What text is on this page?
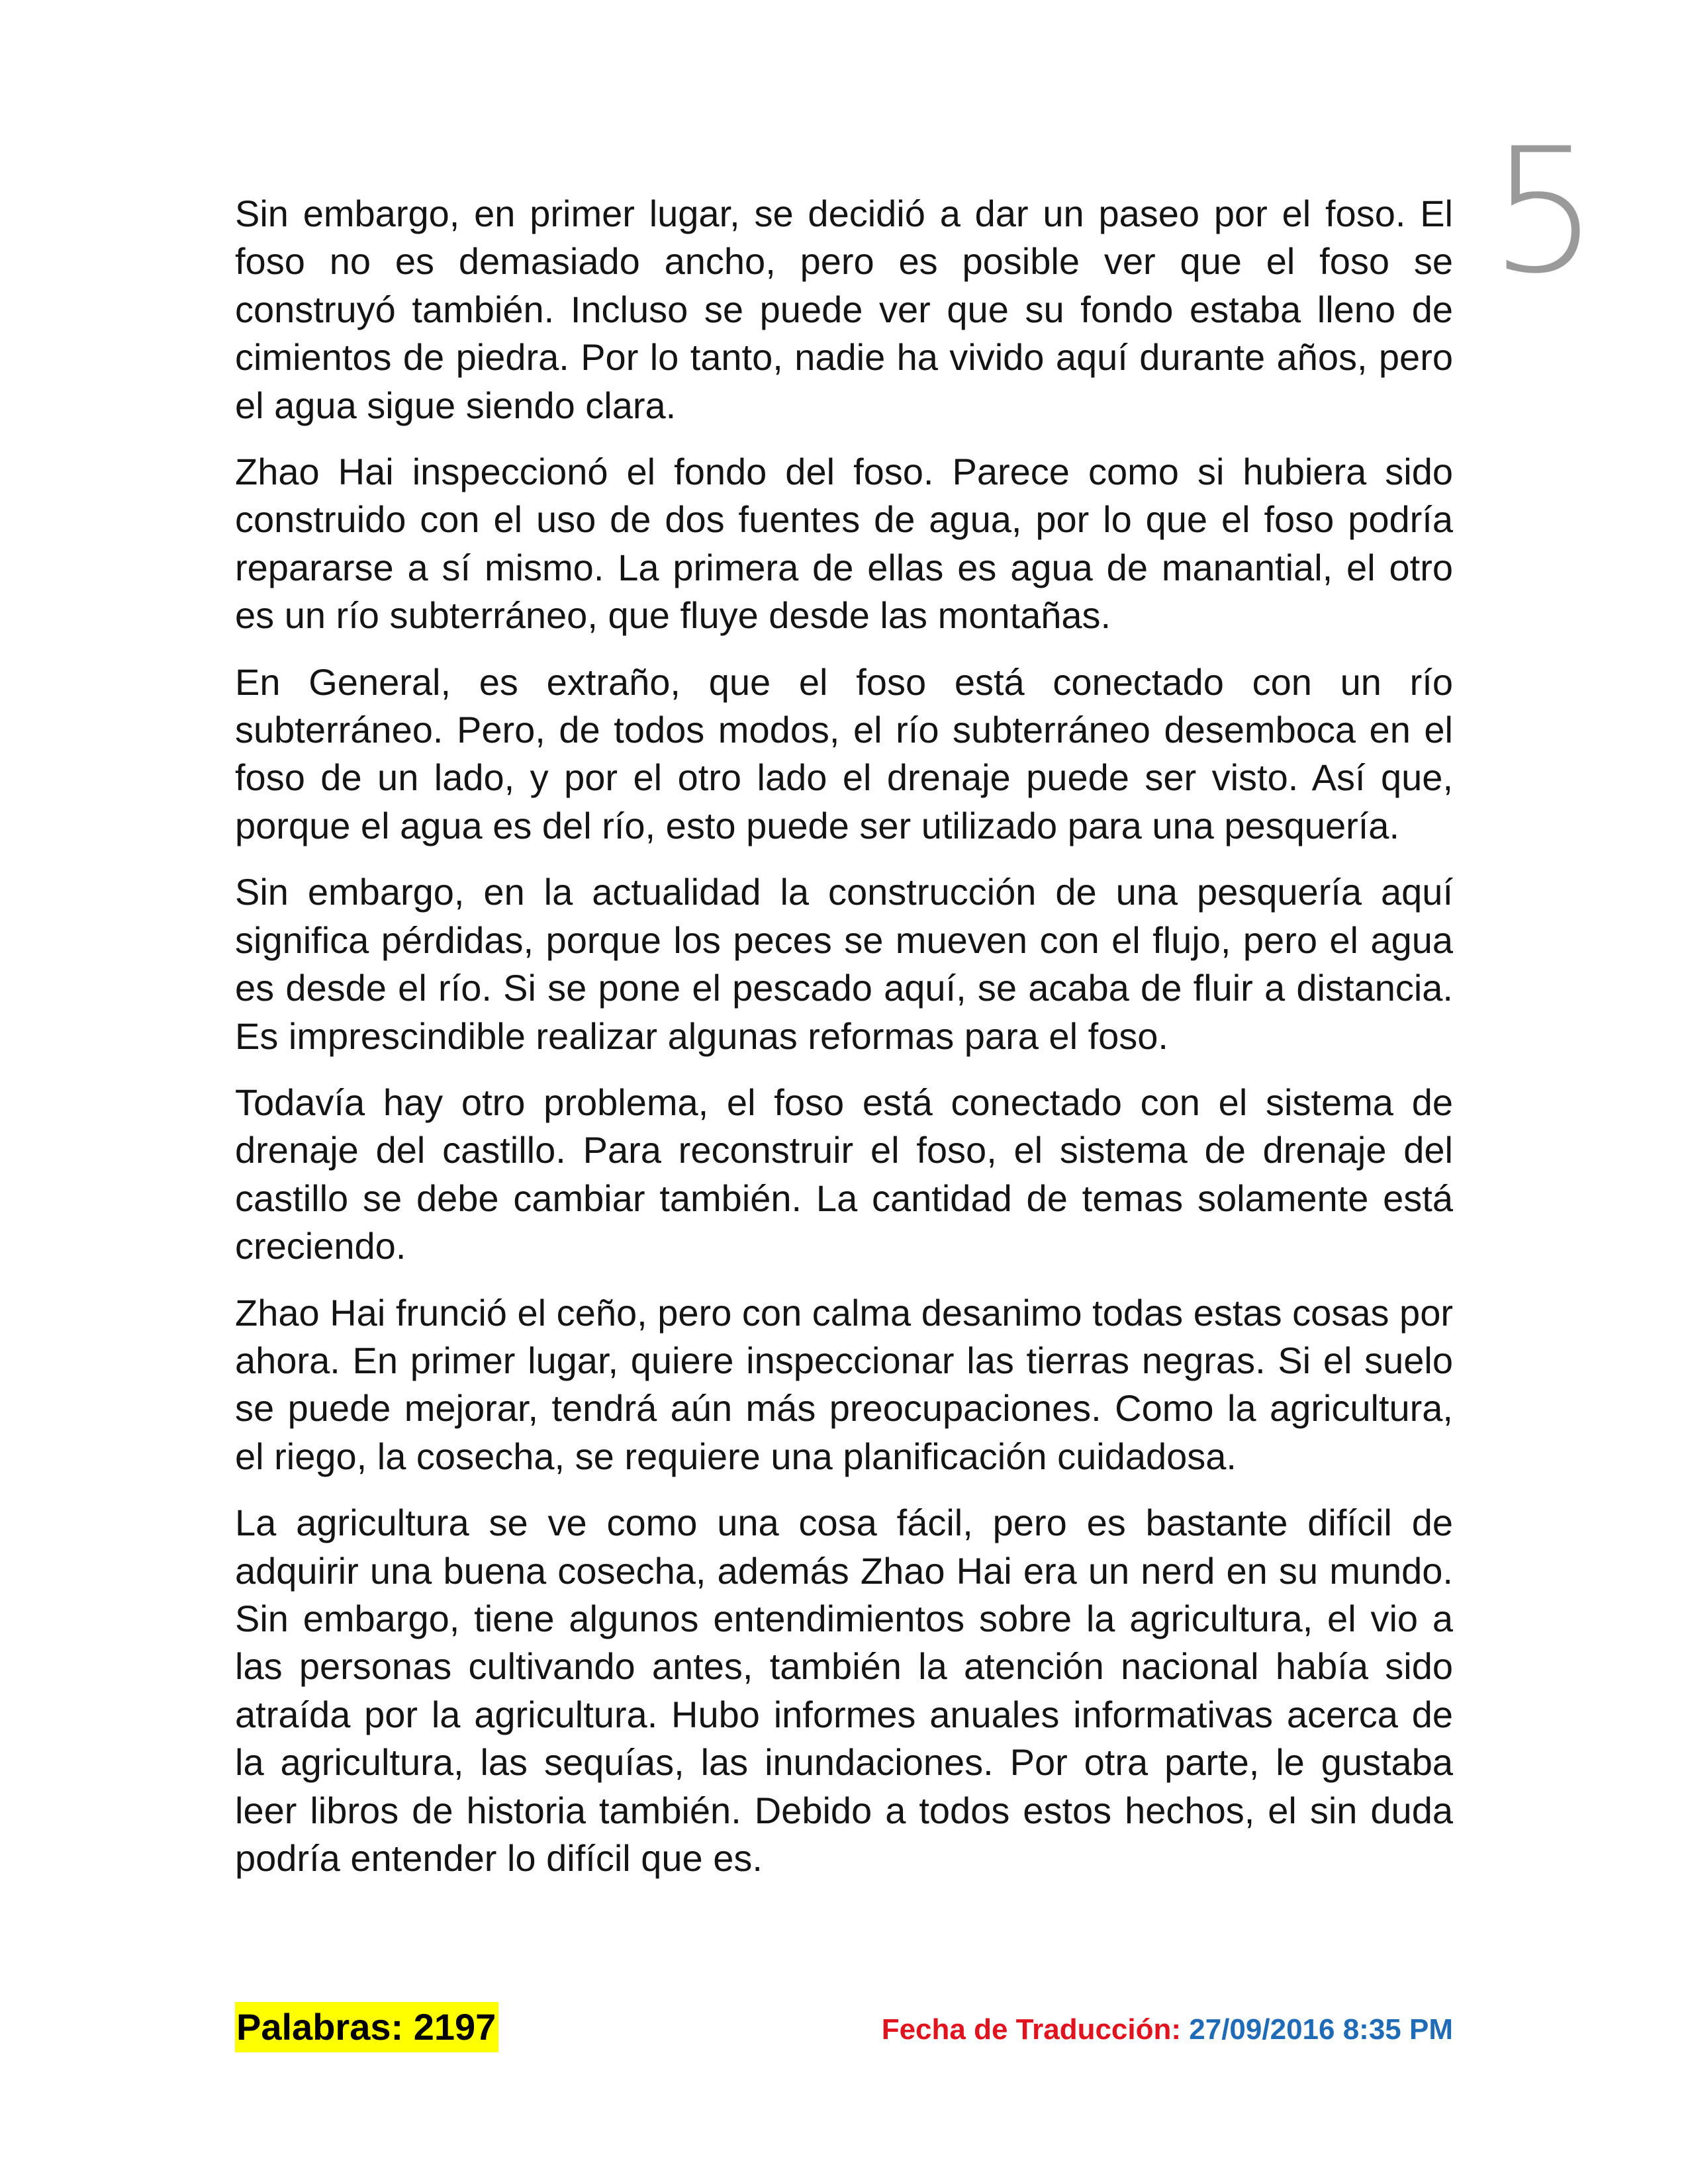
5

Sin embargo, en primer lugar, se decidió a dar un paseo por el foso. El foso no es demasiado ancho, pero es posible ver que el foso se construyó también. Incluso se puede ver que su fondo estaba lleno de cimientos de piedra. Por lo tanto, nadie ha vivido aquí durante años, pero el agua sigue siendo clara.

Zhao Hai inspeccionó el fondo del foso. Parece como si hubiera sido construido con el uso de dos fuentes de agua, por lo que el foso podría repararse a sí mismo. La primera de ellas es agua de manantial, el otro es un río subterráneo, que fluye desde las montañas.

En General, es extraño, que el foso está conectado con un río subterráneo. Pero, de todos modos, el río subterráneo desemboca en el foso de un lado, y por el otro lado el drenaje puede ser visto. Así que, porque el agua es del río, esto puede ser utilizado para una pesquería.

Sin embargo, en la actualidad la construcción de una pesquería aquí significa pérdidas, porque los peces se mueven con el flujo, pero el agua es desde el río. Si se pone el pescado aquí, se acaba de fluir a distancia. Es imprescindible realizar algunas reformas para el foso.

Todavía hay otro problema, el foso está conectado con el sistema de drenaje del castillo. Para reconstruir el foso, el sistema de drenaje del castillo se debe cambiar también. La cantidad de temas solamente está creciendo.

Zhao Hai frunció el ceño, pero con calma desanimo todas estas cosas por ahora. En primer lugar, quiere inspeccionar las tierras negras. Si el suelo se puede mejorar, tendrá aún más preocupaciones. Como la agricultura, el riego, la cosecha, se requiere una planificación cuidadosa.

La agricultura se ve como una cosa fácil, pero es bastante difícil de adquirir una buena cosecha, además Zhao Hai era un nerd en su mundo. Sin embargo, tiene algunos entendimientos sobre la agricultura, el vio a las personas cultivando antes, también la atención nacional había sido atraída por la agricultura. Hubo informes anuales informativas acerca de la agricultura, las sequías, las inundaciones. Por otra parte, le gustaba leer libros de historia también. Debido a todos estos hechos, el sin duda podría entender lo difícil que es.

Palabras: 2197	Fecha de Traducción: 27/09/2016 8:35 PM
